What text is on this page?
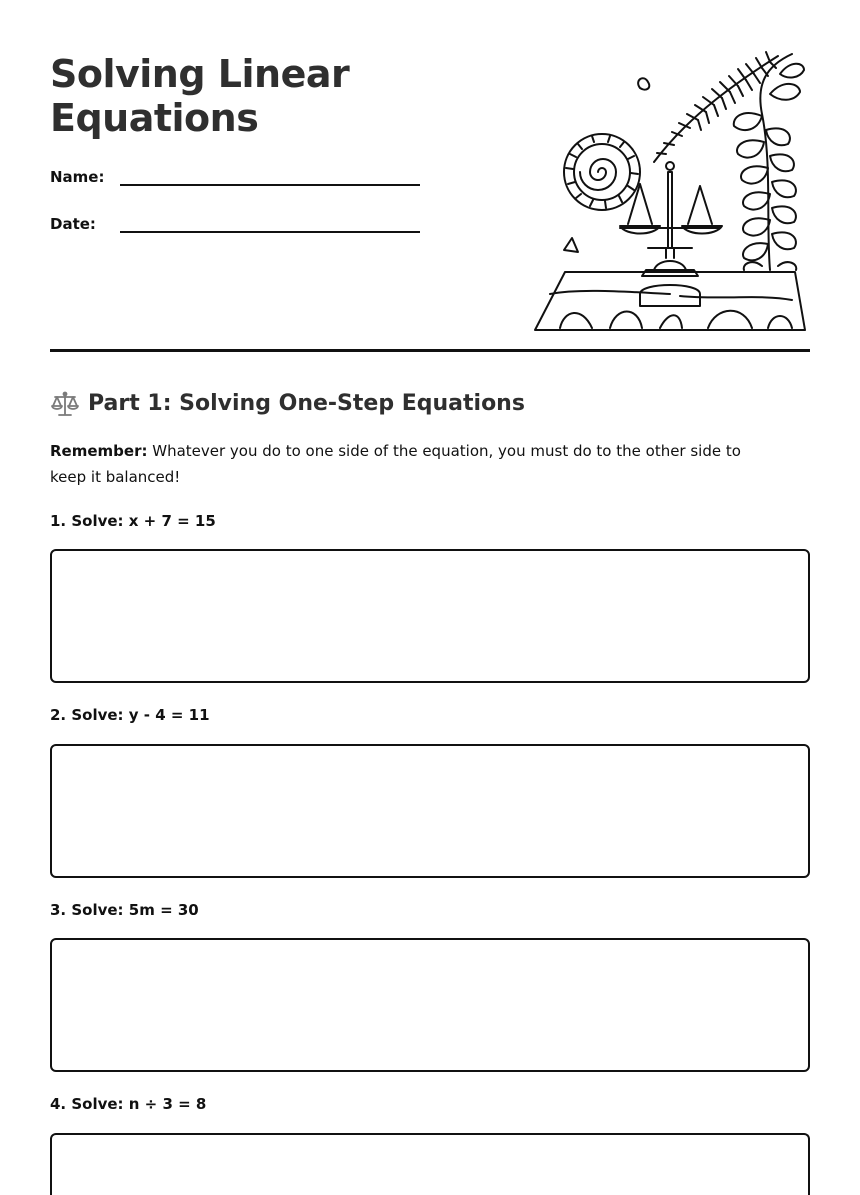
Solving Linear Equations
Name:
Date:
Part 1: Solving One-Step Equations

Remember: Whatever you do to one side of the equation, you must do to the other side to keep it balanced!

1. Solve: x + 7 = 15

2. Solve: y - 4 = 11

3. Solve: 5m = 30

4. Solve: n ÷ 3 = 8
